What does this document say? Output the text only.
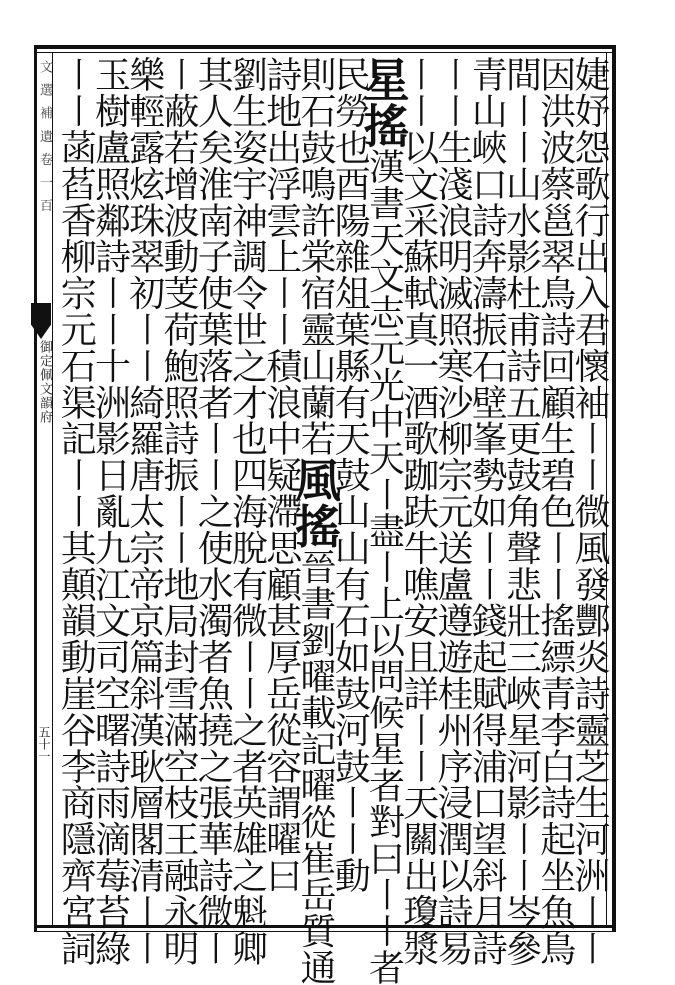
文 選 補 遺 卷 一 百
御定佩文韻府
五十一	婕妤怨歌行出入君懷袖〡〡微風發酆炎詩靈芝生河洲〡〡
因洪波蔡邕翠鳥詩回顧生碧色〡〡搖縹青李白詩起坐魚鳥
間〡〡山水影杜甫詩五更鼓角聲悲壯三峽星河影〡〡岑參
青山峽口詩奔濤振石壁峯勢如〡〡錢起賦得浦口望斜月詩
〡〡生淺浪明滅照寒沙柳宗元送盧遵遊桂州序浸潤以詩易
〡〡以文采蘇軾真一酒歌跏趺牛噍安且詳〡〡天關出瓊漿
星搖漢書天文志元光中天〡盡〡上以問候星者對曰〡〡者
民勞也酉陽雜俎葉縣有天鼓山山有石如鼓河鼓〡〡動
則石鼓鳴許棠宿靈山蘭若風搖晉書劉曜載記曜從崔岳質通
詩地出浮雲上〡〡積浪中疑滯思顧甚厚岳從容謂曜曰
劉生姿宇神調令世之才也四海脫有微〡〡之者英雄之魁卿
其人矣淮南子使葉落者〡〡之使水濁者魚撓之張華詩微〡
〡蔽若增波動芰荷鮑照詩振〡〡地局封雪滿空枝王融永明
樂輕露炫珠翠初〡〡綺羅唐太宗帝京篇斜漢耿層閣清〡〡
玉樹盧照鄰詩〡〡十洲影日亂九江文司空曙詩雨滴莓苔綠
〡〡菡萏香柳宗元石渠記〡〡其顛韻動崖谷李商隱齊宮詞
